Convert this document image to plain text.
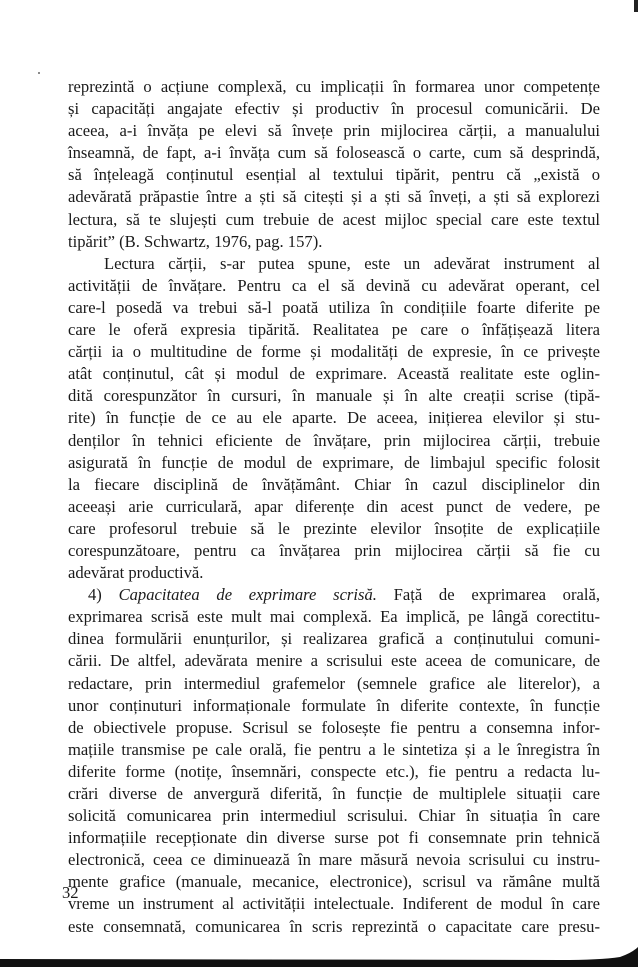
reprezintă o acțiune complexă, cu implicații în formarea unor competențe
și capacități angajate efectiv și productiv în procesul comunicării. De
aceea, a-i învăța pe elevi să învețe prin mijlocirea cărții, a manualului
înseamnă, de fapt, a-i învăța cum să folosească o carte, cum să desprindă,
să înțeleagă conținutul esențial al textului tipărit, pentru că „există o
adevărată prăpastie între a ști să citești și a ști să înveți, a ști să explorezi
lectura, să te slujești cum trebuie de acest mijloc special care este textul
tipărit” (B. Schwartz, 1976, pag. 157).
Lectura cărții, s-ar putea spune, este un adevărat instrument al
activității de învățare. Pentru ca el să devină cu adevărat operant, cel
care-l posedă va trebui să-l poată utiliza în condițiile foarte diferite pe
care le oferă expresia tipărită. Realitatea pe care o înfățișează litera
cărții ia o multitudine de forme și modalități de expresie, în ce privește
atât conținutul, cât și modul de exprimare. Această realitate este oglin-
dită corespunzător în cursuri, în manuale și în alte creații scrise (tipă-
rite) în funcție de ce au ele aparte. De aceea, inițierea elevilor și stu-
denților în tehnici eficiente de învățare, prin mijlocirea cărții, trebuie
asigurată în funcție de modul de exprimare, de limbajul specific folosit
la fiecare disciplină de învățământ. Chiar în cazul disciplinelor din
aceeași arie curriculară, apar diferențe din acest punct de vedere, pe
care profesorul trebuie să le prezinte elevilor însoțite de explicațiile
corespunzătoare, pentru ca învățarea prin mijlocirea cărții să fie cu
adevărat productivă.
4) Capacitatea de exprimare scrisă. Față de exprimarea orală,
exprimarea scrisă este mult mai complexă. Ea implică, pe lângă corectitu-
dinea formulării enunțurilor, și realizarea grafică a conținutului comuni-
cării. De altfel, adevărata menire a scrisului este aceea de comunicare, de
redactare, prin intermediul grafemelor (semnele grafice ale literelor), a
unor conținuturi informaționale formulate în diferite contexte, în funcție
de obiectivele propuse. Scrisul se folosește fie pentru a consemna infor-
mațiile transmise pe cale orală, fie pentru a le sintetiza și a le înregistra în
diferite forme (notițe, însemnări, conspecte etc.), fie pentru a redacta lu-
crări diverse de anvergură diferită, în funcție de multiplele situații care
solicită comunicarea prin intermediul scrisului. Chiar în situația în care
informațiile recepționate din diverse surse pot fi consemnate prin tehnică
electronică, ceea ce diminuează în mare măsură nevoia scrisului cu instru-
mente grafice (manuale, mecanice, electronice), scrisul va rămâne multă
vreme un instrument al activității intelectuale. Indiferent de modul în care
este consemnată, comunicarea în scris reprezintă o capacitate care presu-
32
